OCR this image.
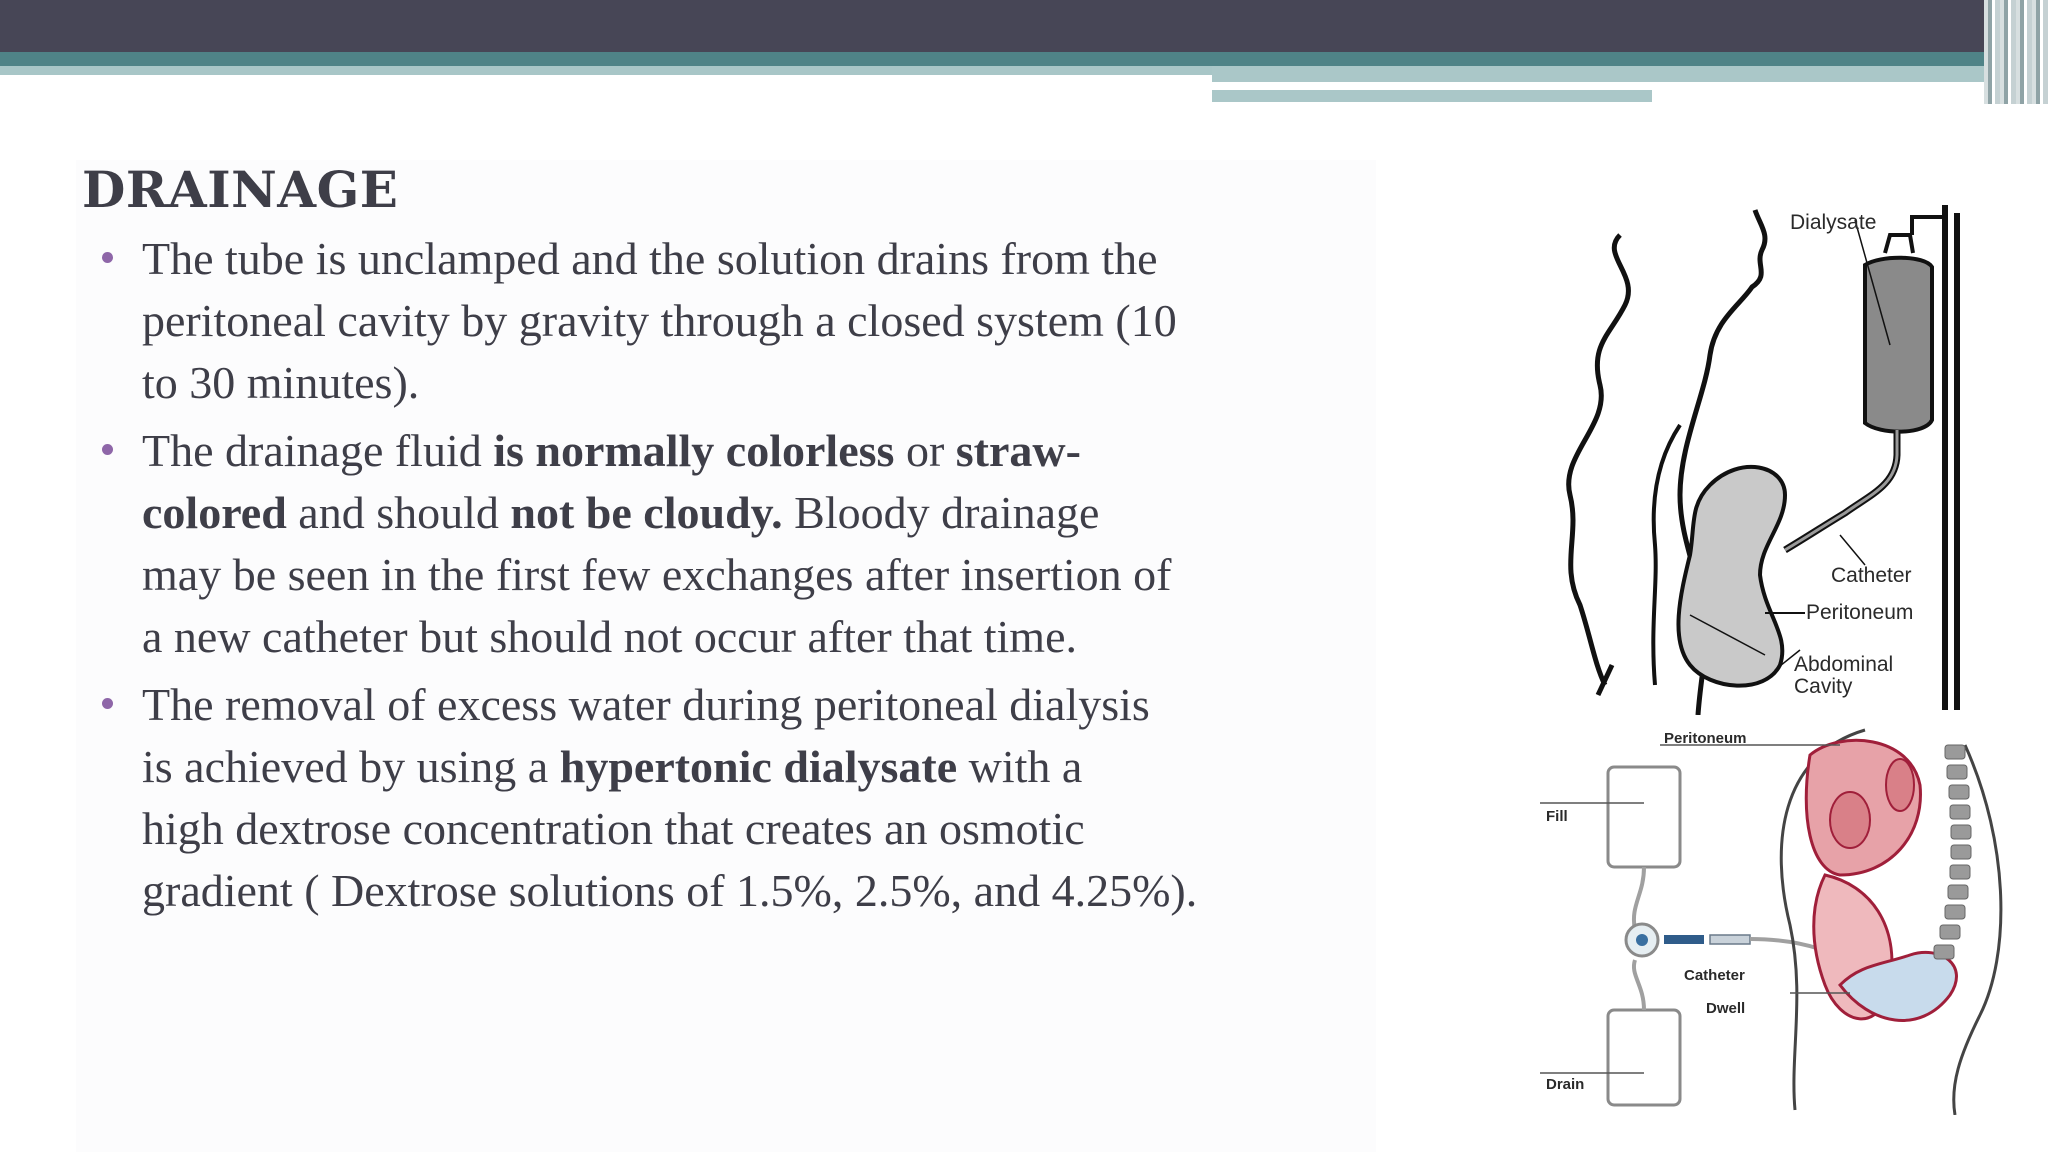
DRAINAGE
The tube is unclamped and the solution drains from the
peritoneal cavity by gravity through a closed system (10
to 30 minutes).
The drainage fluid is normally colorless or straw-
colored and should not be cloudy. Bloody drainage
may be seen in the first few exchanges after insertion of
a new catheter but should not occur after that time.
The removal of excess water during peritoneal dialysis
is achieved by using a hypertonic dialysate with a
high dextrose concentration that creates an osmotic
gradient ( Dextrose solutions of 1.5%, 2.5%, and 4.25%).
Dialysate
Catheter
Peritoneum
Abdominal
Cavity
Peritoneum
Fill
Catheter
Dwell
Drain
